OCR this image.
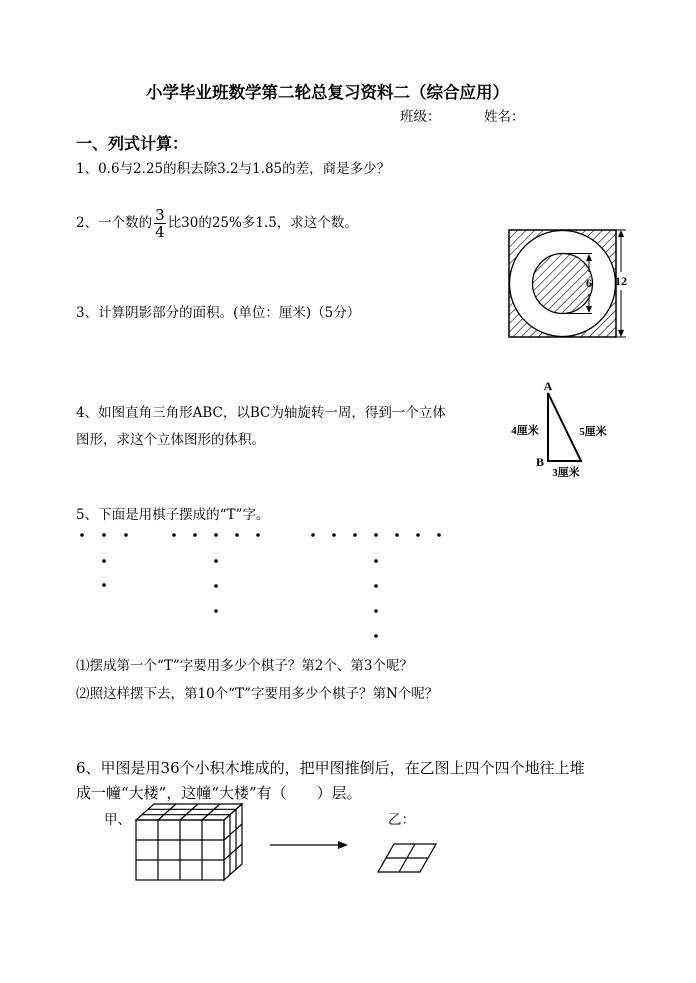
小学毕业班数学第二轮总复习资料二（综合应用）
班级：	姓名：
一、列式计算：
1、0.6与2.25的积去除3.2与1.85的差，商是多少？
2、一个数的 $\frac{3}{4}$ 比30的25%多1.5，求这个数。
3、计算阴影部分的面积。(单位：厘米)（5分）
6 12
4、如图直角三角形ABC，以BC为轴旋转一周，得到一个立体
图形，求这个立体图形的体积。
A
B
4厘米	5厘米
3厘米
5、下面是用棋子摆成的“T”字。
⑴摆成第一个“T”字要用多少个棋子？第2个、第3个呢？
⑵照这样摆下去，第10个“T”字要用多少个棋子？第N个呢？
6、甲图是用36个小积木堆成的，把甲图推倒后，在乙图上四个四个地往上堆
成一幢“大楼”，这幢“大楼”有（　　）层。
甲、	乙：
